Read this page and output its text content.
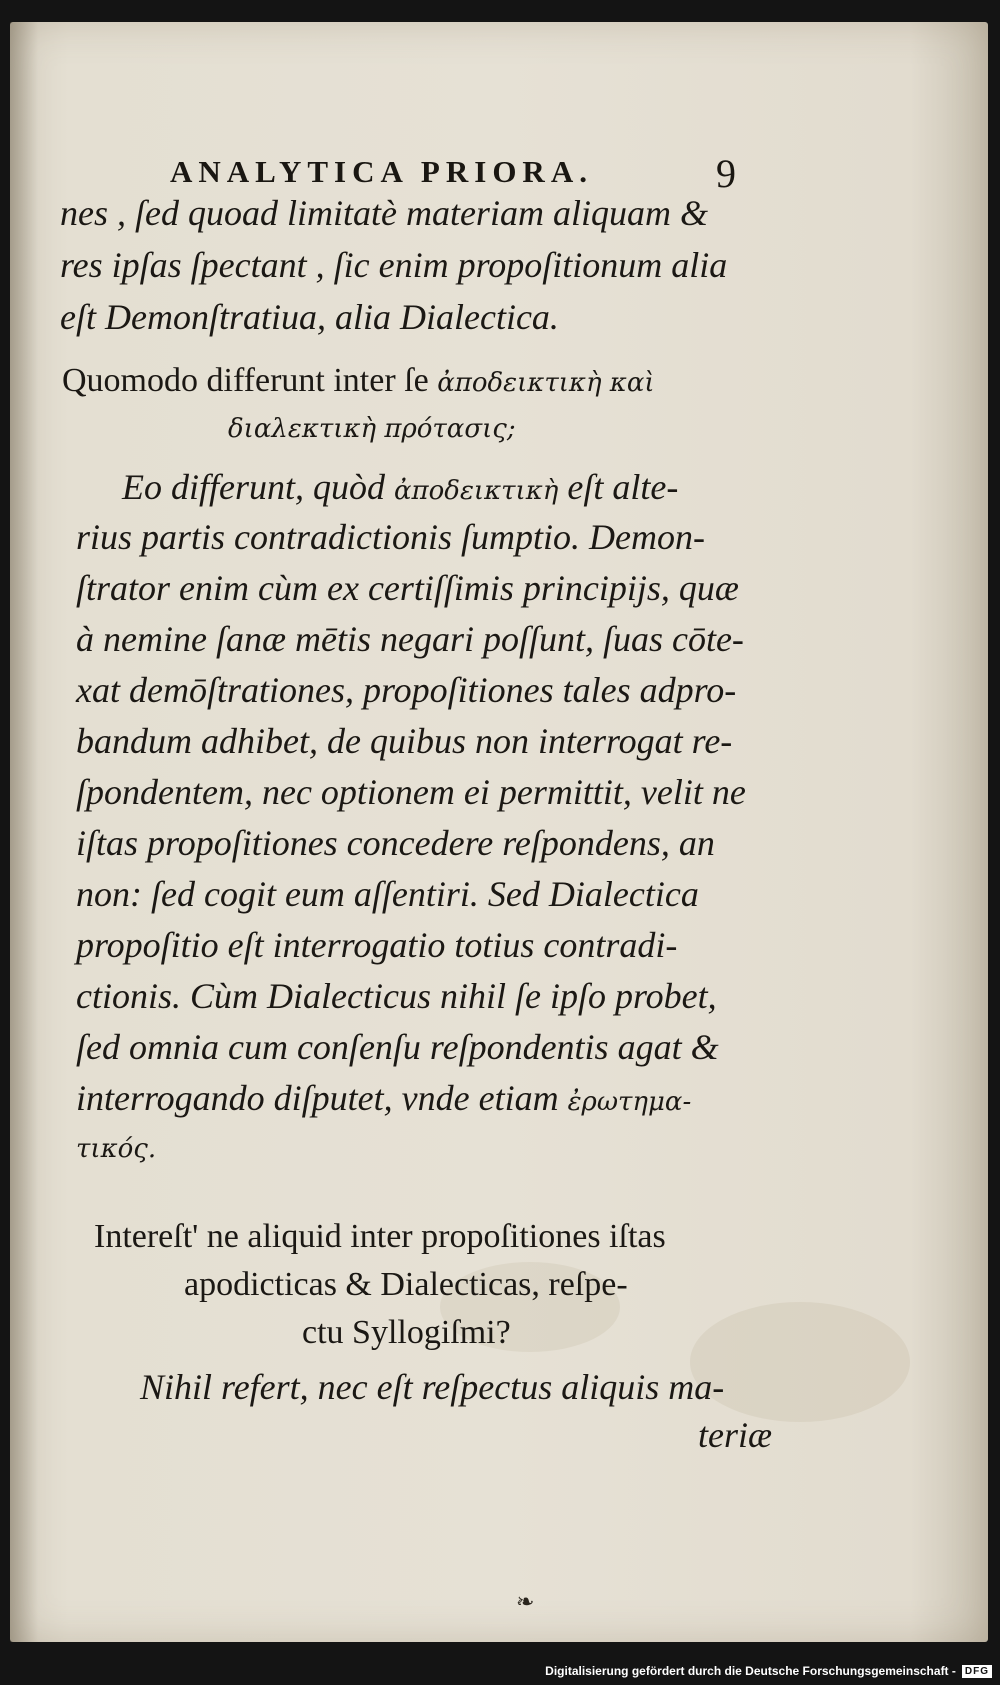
ANALYTICA PRIORA.	9
nes , ſed quoad limitatè materiam aliquam &
res ipſas ſpectant , ſic enim propoſitionum alia
eſt Demonſtratiua, alia Dialectica.
Quomodo differunt inter ſe ἀποδεικτικὴ καὶ
διαλεκτικὴ πρότασις;
Eo differunt, quòd ἀποδεικτικὴ eſt alte-
rius partis contradictionis ſumptio. Demon-
ſtrator enim cùm ex certiſſimis principijs, quæ
à nemine ſanæ mētis negari poſſunt, ſuas cōte-
xat demōſtrationes, propoſitiones tales adpro-
bandum adhibet, de quibus non interrogat re-
ſpondentem, nec optionem ei permittit, velit ne
iſtas propoſitiones concedere reſpondens, an
non: ſed cogit eum aſſentiri. Sed Dialectica
propoſitio eſt interrogatio totius contradi-
ctionis. Cùm Dialecticus nihil ſe ipſo probet,
ſed omnia cum conſenſu reſpondentis agat &
interrogando diſputet, vnde etiam ἐρωτημα-
τικός.
Intereſt' ne aliquid inter propoſitiones iſtas
apodicticas & Dialecticas, reſpe-
ctu Syllogiſmi?
Nihil refert, nec eſt reſpectus aliquis ma-
teriæ
❧
Digitalisierung gefördert durch die Deutsche Forschungsgemeinschaft - DFG
